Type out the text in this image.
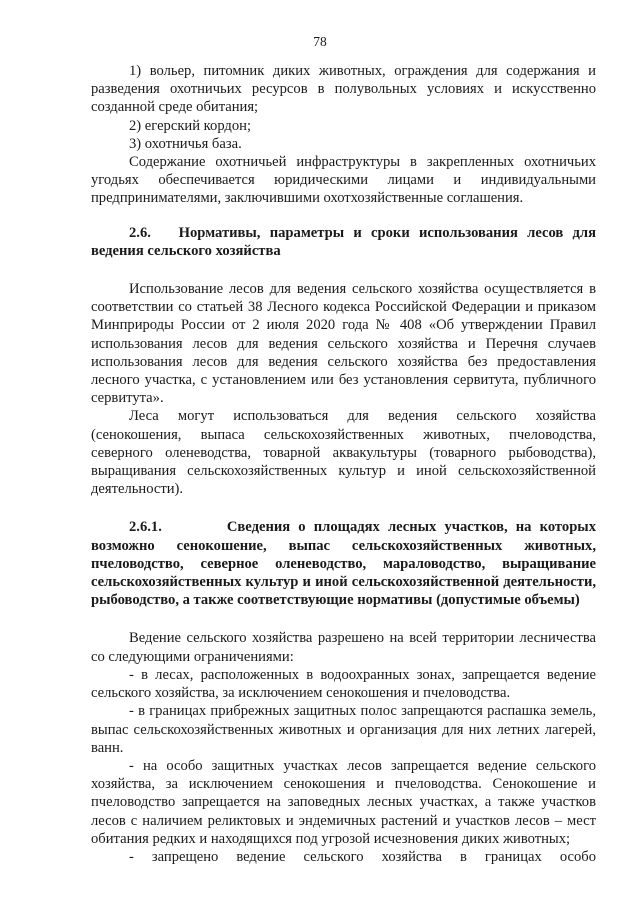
78

1) вольер, питомник диких животных, ограждения для содержания и разведения охотничьих ресурсов в полувольных условиях и искусственно созданной среде обитания;

2) егерский кордон;

3) охотничья база.

Содержание охотничьей инфраструктуры в закрепленных охотничьих угодьях обеспечивается юридическими лицами и индивидуальными предпринимателями, заключившими охотхозяйственные соглашения.

2.6. Нормативы, параметры и сроки использования лесов для ведения сельского хозяйства

Использование лесов для ведения сельского хозяйства осуществляется в соответствии со статьей 38 Лесного кодекса Российской Федерации и приказом Минприроды России от 2 июля 2020 года № 408 «Об утверждении Правил использования лесов для ведения сельского хозяйства и Перечня случаев использования лесов для ведения сельского хозяйства без предоставления лесного участка, с установлением или без установления сервитута, публичного сервитута».

Леса могут использоваться для ведения сельского хозяйства (сенокошения, выпаса сельскохозяйственных животных, пчеловодства, северного оленеводства, товарной аквакультуры (товарного рыбоводства), выращивания сельскохозяйственных культур и иной сельскохозяйственной деятельности).

2.6.1.	Сведения о площадях лесных участков, на которых возможно сенокошение, выпас сельскохозяйственных животных, пчеловодство, северное оленеводство, мараловодство, выращивание сельскохозяйственных культур и иной сельскохозяйственной деятельности, рыбоводство, а также соответствующие нормативы (допустимые объемы)

Ведение сельского хозяйства разрешено на всей территории лесничества со следующими ограничениями:

- в лесах, расположенных в водоохранных зонах, запрещается ведение сельского хозяйства, за исключением сенокошения и пчеловодства.

- в границах прибрежных защитных полос запрещаются распашка земель, выпас сельскохозяйственных животных и организация для них летних лагерей, ванн.

- на особо защитных участках лесов запрещается ведение сельского хозяйства, за исключением сенокошения и пчеловодства. Сенокошение и пчеловодство запрещается на заповедных лесных участках, а также участков лесов с наличием реликтовых и эндемичных растений и участков лесов – мест обитания редких и находящихся под угрозой исчезновения диких животных;

- запрещено ведение сельского хозяйства в границах особо
